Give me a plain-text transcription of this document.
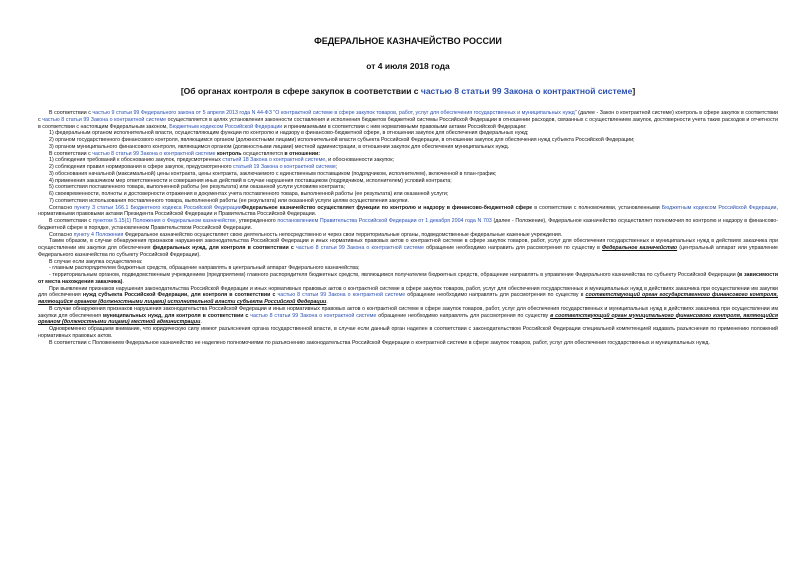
ФЕДЕРАЛЬНОЕ КАЗНАЧЕЙСТВО РОССИИ
от 4 июля 2018 года
[Об органах контроля в сфере закупок в соответствии с частью 8 статьи 99 Закона о контрактной системе]

В соответствии с частью 9 статьи 99 Федерального закона от 5 апреля 2013 года N 44-ФЗ "О контрактной системе в сфере закупок товаров, работ, услуг для обеспечения государственных и муниципальных нужд" (далее - Закон о контрактной системе) контроль в сфере закупок в соответствии с частью 8 статьи 99 Закона о контрактной системе осуществляется в целях установления законности составления и исполнения бюджетов бюджетной системы Российской Федерации в отношении расходов, связанных с осуществлением закупок, достоверности учета таких расходов и отчетности в соответствии с настоящим Федеральным законом, Бюджетным кодексом Российской Федерации и принимаемыми в соответствии с ним нормативными правовыми актами Российской Федерации:

1) федеральным органом исполнительной власти, осуществляющим функции по контролю и надзору в финансово-бюджетной сфере, в отношении закупок для обеспечения федеральных нужд;

2) органом государственного финансового контроля, являющимся органом (должностными лицами) исполнительной власти субъекта Российской Федерации, в отношении закупок для обеспечения нужд субъекта Российской Федерации;

3) органом муниципального финансового контроля, являющимся органом (должностными лицами) местной администрации, в отношении закупок для обеспечения муниципальных нужд.

В соответствии с частью 8 статьи 99 Закона о контрактной системе контроль осуществляется в отношении:

1) соблюдения требований к обоснованию закупок, предусмотренных статьей 18 Закона о контрактной системе, и обоснованности закупок;

2) соблюдения правил нормирования в сфере закупок, предусмотренного статьей 19 Закона о контрактной системе;

3) обоснования начальной (максимальной) цены контракта, цены контракта, заключаемого с единственным поставщиком (подрядчиком, исполнителем), включенной в план-график;

4) применения заказчиком мер ответственности и совершения иных действий в случае нарушения поставщиком (подрядчиком, исполнителем) условий контракта;

5) соответствия поставленного товара, выполненной работы (ее результата) или оказанной услуги условиям контракта;

6) своевременности, полноты и достоверности отражения в документах учета поставленного товара, выполненной работы (ее результата) или оказанной услуги;

7) соответствия использования поставленного товара, выполненной работы (ее результата) или оказанной услуги целям осуществления закупки.

Согласно пункту 3 статьи 166.1 Бюджетного кодекса Российской ФедерацииФедеральное казначейство осуществляет функции по контролю и надзору в финансово-бюджетной сфере в соответствии с полномочиями, установленными Бюджетным кодексом Российской Федерации, нормативными правовыми актами Президента Российской Федерации и Правительства Российской Федерации.

В соответствии с пунктом 5.15(1) Положения о Федеральном казначействе, утвержденного постановлением Правительства Российской Федерации от 1 декабря 2004 года N 703 (далее - Положение), Федеральное казначейство осуществляет полномочия по контролю и надзору в финансово-бюджетной сфере в порядке, установленном Правительством Российской Федерации.

Согласно пункту 4 Положения Федеральное казначейство осуществляет свою деятельность непосредственно и через свои территориальные органы, подведомственные федеральные казенные учреждения.

Таким образом, в случае обнаружения признаков нарушения законодательства Российской Федерации и иных нормативных правовых актов о контрактной системе в сфере закупок товаров, работ, услуг для обеспечения государственных и муниципальных нужд в действиях заказчика при осуществлении им закупки для обеспечения федеральных нужд, для контроля в соответствии с частью 8 статьи 99 Закона о контрактной системе обращение необходимо направить для рассмотрения по существу в Федеральное казначейство (центральный аппарат или управление Федерального казначейства по субъекту Российской Федерации).

В случае если закупка осуществлена:

- главным распорядителем бюджетных средств, обращение направлять в центральный аппарат Федерального казначейства;

- территориальным органом, подведомственным учреждением (предприятием) главного распорядителя бюджетных средств, являющимся получателем бюджетных средств, обращение направлять в управление Федерального казначейства по субъекту Российской Федерации (в зависимости от места нахождения заказчика).

При выявлении признаков нарушения законодательства Российской Федерации и иных нормативных правовых актов о контрактной системе в сфере закупок товаров, работ, услуг для обеспечения государственных и муниципальных нужд в действиях заказчика при осуществлении им закупки для обеспечения нужд субъекта Российской Федерации, для контроля в соответствии с частью 8 статьи 99 Закона о контрактной системе обращение необходимо направлять для рассмотрения по существу в соответствующий орган государственного финансового контроля, являющийся органом (должностными лицами) исполнительной власти субъекта Российской Федерации.

В случае обнаружения признаков нарушения законодательства Российской Федерации и иных нормативных правовых актов о контрактной системе в сфере закупок товаров, работ, услуг для обеспечения государственных и муниципальных нужд в действиях заказчика при осуществлении им закупки для обеспечения муниципальных нужд, для контроля в соответствии с частью 8 статьи 99 Закона о контрактной системе обращение необходимо направлять для рассмотрения по существу в соответствующий орган муниципального финансового контроля, являющийся органом (должностными лицами) местной администрации.

Одновременно обращаем внимание, что юридическую силу имеют разъяснения органа государственной власти, в случае если данный орган наделен в соответствии с законодательством Российской Федерации специальной компетенцией издавать разъяснения по применению положений нормативных правовых актов.

В соответствии с Положением Федеральное казначейство не наделено полномочиями по разъяснению законодательства Российской Федерации о контрактной системе в сфере закупок товаров, работ, услуг для обеспечения государственных и муниципальных нужд.
